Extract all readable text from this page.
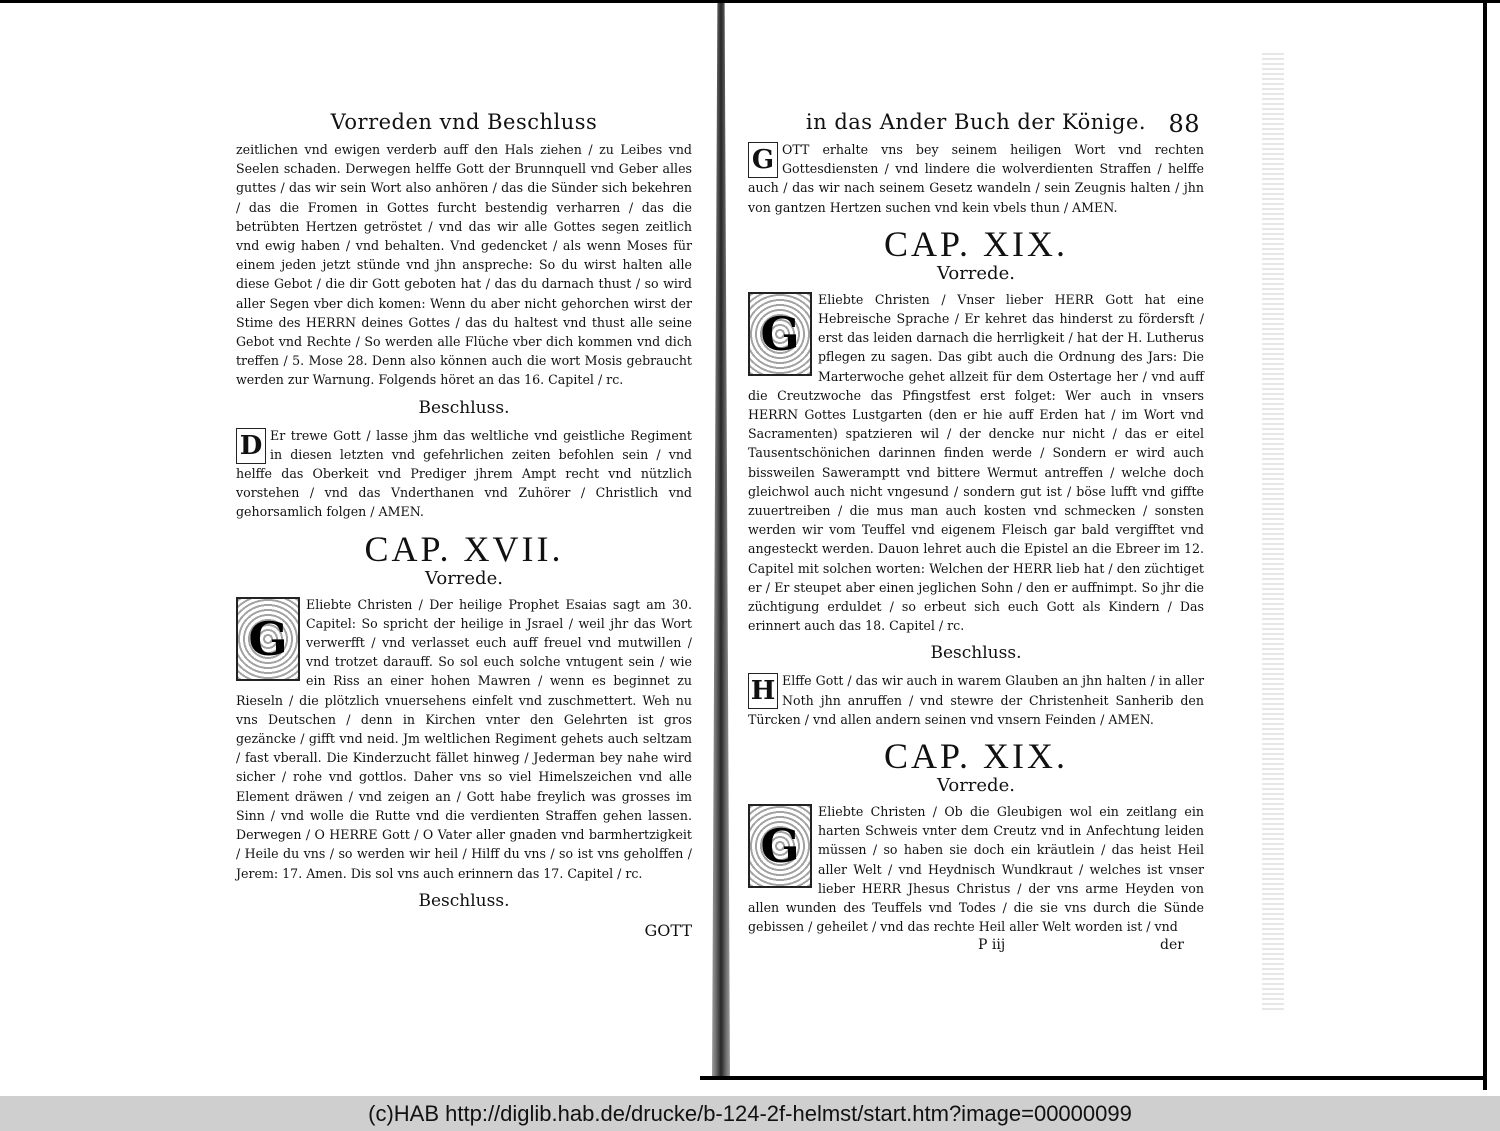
Vorreden vnd Beschluss

zeitlichen vnd ewigen verderb auff den Hals ziehen / zu Leibes vnd Seelen schaden. Derwegen helffe Gott der Brunnquell vnd Geber alles guttes / das wir sein Wort also anhören / das die Sünder sich bekehren / das die Fromen in Gottes furcht bestendig verharren / das die betrübten Hertzen getröstet / vnd das wir alle Gottes segen zeitlich vnd ewig haben / vnd behalten. Vnd gedencket / als wenn Moses für einem jeden jetzt stünde vnd jhn anspreche: So du wirst halten alle diese Gebot / die dir Gott geboten hat / das du darnach thust / so wird aller Segen vber dich komen: Wenn du aber nicht gehorchen wirst der Stime des HERRN deines Gottes / das du haltest vnd thust alle seine Gebot vnd Rechte / So werden alle Flüche vber dich kommen vnd dich treffen / 5. Mose 28. Denn also können auch die wort Mosis gebraucht werden zur Warnung. Folgends höret an das 16. Capitel / rc.

Beschluss.
D Er trewe Gott / lasse jhm das weltliche vnd geistliche Regiment in diesen letzten vnd gefehrlichen zeiten befohlen sein / vnd helffe das Oberkeit vnd Prediger jhrem Ampt recht vnd nützlich vorstehen / vnd das Vnderthanen vnd Zuhörer / Christlich vnd gehorsamlich folgen / AMEN.

CAP. XVII.
Vorrede.
G

Eliebte Christen / Der heilige Prophet Esaias sagt am 30. Capitel: So spricht der heilige in Jsrael / weil jhr das Wort verwerfft / vnd verlasset euch auff freuel vnd mutwillen / vnd trotzet darauff. So sol euch solche vntugent sein / wie ein Riss an einer hohen Mawren / wenn es beginnet zu Rieseln / die plötzlich vnuersehens einfelt vnd zuschmettert. Weh nu vns Deutschen / denn in Kirchen vnter den Gelehrten ist gros gezäncke / gifft vnd neid. Jm weltlichen Regiment gehets auch seltzam / fast vberall. Die Kinderzucht fället hinweg / Jederman bey nahe wird sicher / rohe vnd gottlos. Daher vns so viel Himelszeichen vnd alle Element dräwen / vnd zeigen an / Gott habe freylich was grosses im Sinn / vnd wolle die Rutte vnd die verdienten Straffen gehen lassen. Derwegen / O HERRE Gott / O Vater aller gnaden vnd barmhertzigkeit / Heile du vns / so werden wir heil / Hilff du vns / so ist vns geholffen / Jerem: 17. Amen. Dis sol vns auch erinnern das 17. Capitel / rc.

Beschluss.
GOTT
in das Ander Buch der Könige. 88
G OTT erhalte vns bey seinem heiligen Wort vnd rechten Gottesdiensten / vnd lindere die wolverdienten Straffen / helffe auch / das wir nach seinem Gesetz wandeln / sein Zeugnis halten / jhn von gantzen Hertzen suchen vnd kein vbels thun / AMEN.

CAP. XIX.
Vorrede.
G

Eliebte Christen / Vnser lieber HERR Gott hat eine Hebreische Sprache / Er kehret das hinderst zu fördersft / erst das leiden darnach die herrligkeit / hat der H. Lutherus pflegen zu sagen. Das gibt auch die Ordnung des Jars: Die Marterwoche gehet allzeit für dem Ostertage her / vnd auff die Creutzwoche das Pfingstfest erst folget: Wer auch in vnsers HERRN Gottes Lustgarten (den er hie auff Erden hat / im Wort vnd Sacramenten) spatzieren wil / der dencke nur nicht / das er eitel Tausentschönichen darinnen finden werde / Sondern er wird auch bissweilen Saweramptt vnd bittere Wermut antreffen / welche doch gleichwol auch nicht vngesund / sondern gut ist / böse lufft vnd giffte zuuertreiben / die mus man auch kosten vnd schmecken / sonsten werden wir vom Teuffel vnd eigenem Fleisch gar bald vergifftet vnd angesteckt werden. Dauon lehret auch die Epistel an die Ebreer im 12. Capitel mit solchen worten: Welchen der HERR lieb hat / den züchtiget er / Er steupet aber einen jeglichen Sohn / den er auffnimpt. So jhr die züchtigung erduldet / so erbeut sich euch Gott als Kindern / Das erinnert auch das 18. Capitel / rc.

Beschluss.
H Elffe Gott / das wir auch in warem Glauben an jhn halten / in aller Noth jhn anruffen / vnd stewre der Christenheit Sanherib den Türcken / vnd allen andern seinen vnd vnsern Feinden / AMEN.

CAP. XIX.
Vorrede.
G

Eliebte Christen / Ob die Gleubigen wol ein zeitlang ein harten Schweis vnter dem Creutz vnd in Anfechtung leiden müssen / so haben sie doch ein kräutlein / das heist Heil aller Welt / vnd Heydnisch Wundkraut / welches ist vnser lieber HERR Jhesus Christus / der vns arme Heyden von allen wunden des Teuffels vnd Todes / die sie vns durch die Sünde gebissen / geheilet / vnd das rechte Heil aller Welt worden ist / vnd

P iij	der
(c)HAB http://diglib.hab.de/drucke/b-124-2f-helmst/start.htm?image=00000099
